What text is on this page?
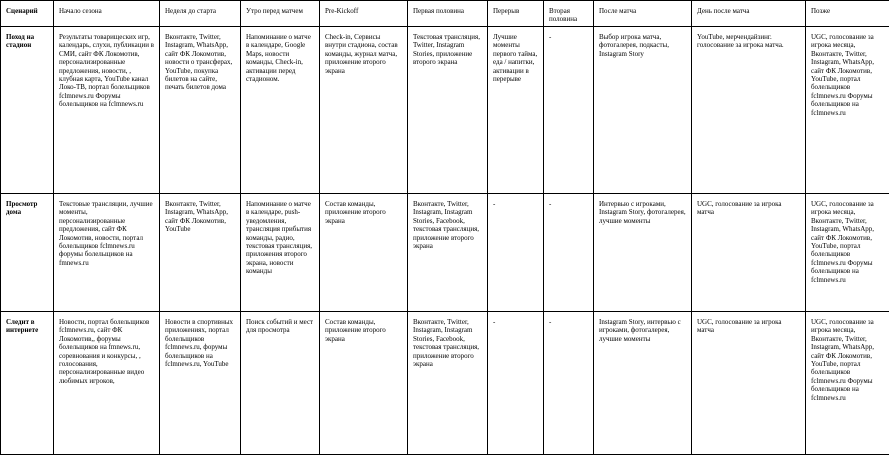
Сценарий	Начало сезона	Неделя до старта	Утро перед матчем	Pre-Kickoff	Первая половина	Перерыв	Вторая половина	После матча	День после матча	Позже
Поход на стадион	Результаты товарищеских игр, календарь, слухи, публикации в СМИ, сайт ФК Локомотив, персонализированные предложения, новости, , клубная карта, YouTube канал Локо-ТВ, портал болельщиков fclmnews.ru Форумы болельщиков на fclmnews.ru	Вконтакте, Twitter, Instagram, WhatsApp, сайт ФК Локомотив, новости о трансферах, YouTube, покупка билетов на сайте, печать билетов дома	Напоминание о матче в календаре, Google Maps, новости команды, Check-in, активации перед стадионом.	Check-in, Сервисы внутри стадиона, состав команды, журнал матча, приложение второго экрана	Текстовая трансляция, Twitter, Instagram Stories, приложение второго экрана	Лучшие моменты первого тайма, еда / напитки, активации в перерыве	-	Выбор игрока матча, фотогалерея, подкасты, Instagram Story	YouTube, мерчендайзинг. голосование за игрока матча.	UGC, голосование за игрока месяца, Вконтакте, Twitter, Instagram, WhatsApp, сайт ФК Локомотив, YouTube, портал болельщиков fclmnews.ru Форумы болельщиков на fclmnews.ru
Просмотр дома	Текстовые трансляции, лучшие моменты, персонализированные предложения, сайт ФК Локомотив, новости, портал болельщиков fclmnews.ru форумы болельщиков на fmnews.ru	Вконтакте, Twitter, Instagram, WhatsApp, сайт ФК Локомотив, YouTube	Напоминание о матче в календаре, push-уведомления, трансляция прибытия команды, радио, текстовая трансляция, приложения второго экрана, новости команды	Состав команды, приложение второго экрана	Вконтакте, Twitter, Instagram, Instagram Stories, Facebook, текстовая трансляция, приложение второго экрана	-	-	Интервью с игроками, Instagram Story, фотогалерея, лучшие моменты	UGC, голосование за игрока матча	UGC, голосование за игрока месяца, Вконтакте, Twitter, Instagram, WhatsApp, сайт ФК Локомотив, YouTube, портал болельщиков fclmnews.ru Форумы болельщиков на fclmnews.ru
Следит в интернете	Новости, портал болельщиков fclmnews.ru, сайт ФК Локомотив,, форумы болельщиков на fmnews.ru, соревнования и конкурсы, , голосования, персонализированные видео любимых игроков,	Новости в спортивных приложениях, портал болельщиков fclmnews.ru, форумы болельщиков на fclmnews.ru, YouTube	Поиск событий и мест для просмотра	Состав команды, приложение второго экрана	Вконтакте, Twitter, Instagram, Instagram Stories, Facebook, текстовая трансляция, приложение второго экрана	-	-	Instagram Story, интервью с игроками, фотогалерея, лучшие моменты	UGC, голосование за игрока матча	UGC, голосование за игрока месяца, Вконтакте, Twitter, Instagram, WhatsApp, сайт ФК Локомотив, YouTube, портал болельщиков fclmnews.ru Форумы болельщиков на fclmnews.ru
